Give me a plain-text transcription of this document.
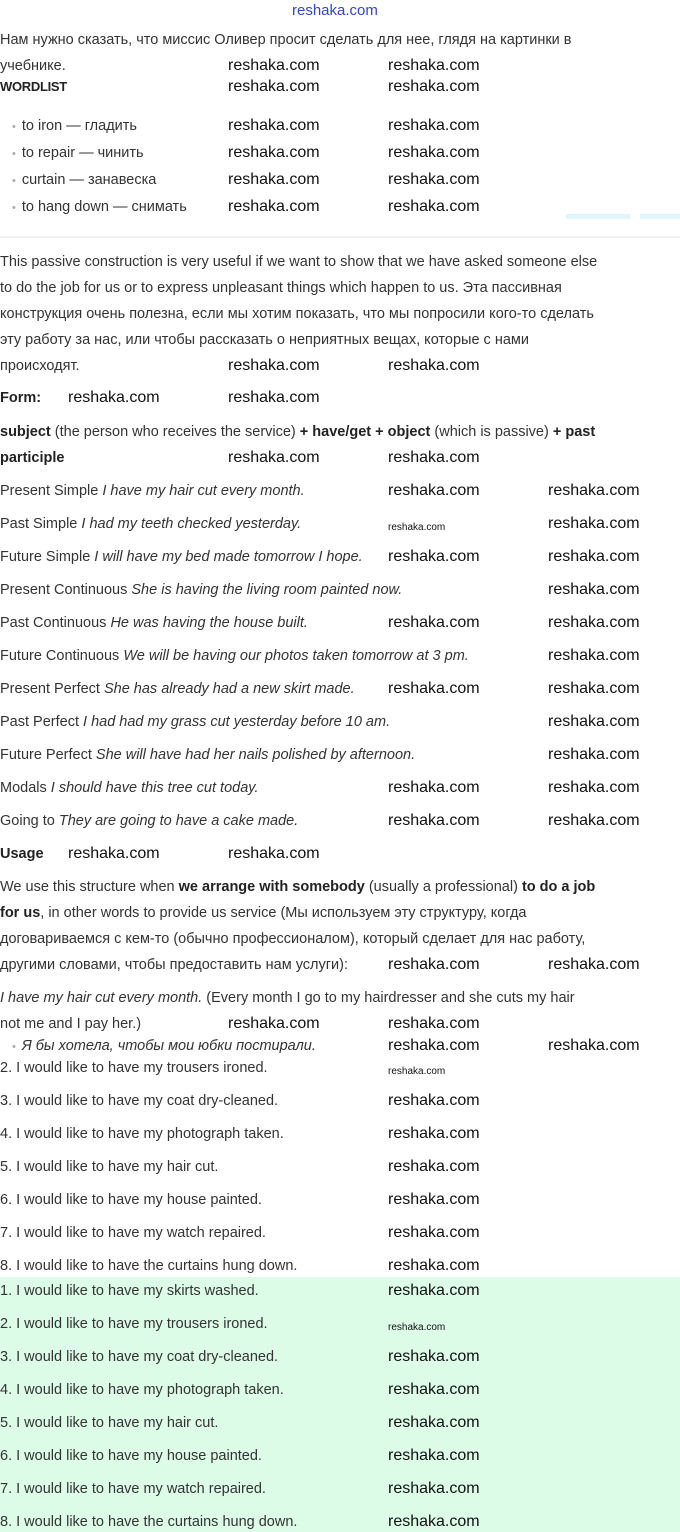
reshaka.com
Нам нужно сказать, что миссис Оливер просит сделать для нее, глядя на картинки в
учебнике.
WORDLIST
• to iron — гладить
• to repair — чинить
• curtain — занавеска
• to hang down — снимать
This passive construction is very useful if we want to show that we have asked someone else
to do the job for us or to express unpleasant things which happen to us. Эта пассивная
конструкция очень полезна, если мы хотим показать, что мы попросили кого-то сделать
эту работу за нас, или чтобы рассказать о неприятных вещах, которые с нами
происходят.
Form:
subject (the person who receives the service) + have/get + object (which is passive) + past
participle
Usage
We use this structure when we arrange with somebody (usually a professional) to do a job
for us, in other words to provide us service (Мы используем эту структуру, когда
договариваемся с кем-то (обычно профессионалом), который сделает для нас работу,
другими словами, чтобы предоставить нам услуги):
I have my hair cut every month. (Every month I go to my hairdresser and she cuts my hair
not me and I pay her.)
• Я бы хотела, чтобы мои юбки постирали.
Present Simple I have my hair cut every month.
Past Simple I had my teeth checked yesterday.
Future Simple I will have my bed made tomorrow I hope.
Present Continuous She is having the living room painted now.
Past Continuous He was having the house built.
Future Continuous We will be having our photos taken tomorrow at 3 pm.
Present Perfect She has already had a new skirt made.
Past Perfect I had had my grass cut yesterday before 10 am.
Future Perfect She will have had her nails polished by afternoon.
Modals I should have this tree cut today.
Going to They are going to have a cake made.
2. I would like to have my trousers ironed.
3. I would like to have my coat dry-cleaned.
4. I would like to have my photograph taken.
5. I would like to have my hair cut.
6. I would like to have my house painted.
7. I would like to have my watch repaired.
8. I would like to have the curtains hung down.
1. I would like to have my skirts washed.
2. I would like to have my trousers ironed.
3. I would like to have my coat dry-cleaned.
4. I would like to have my photograph taken.
5. I would like to have my hair cut.
6. I would like to have my house painted.
7. I would like to have my watch repaired.
8. I would like to have the curtains hung down.
reshaka.com	reshaka.com
reshaka.com	reshaka.com
reshaka.com	reshaka.com
reshaka.com	reshaka.com
reshaka.com	reshaka.com
reshaka.com	reshaka.com
reshaka.com	reshaka.com
reshaka.com	reshaka.com
reshaka.com	reshaka.com
reshaka.com	reshaka.com
reshaka.com	reshaka.com
reshaka.com	reshaka.com
reshaka.com
reshaka.com	reshaka.com
reshaka.com
reshaka.com	reshaka.com
reshaka.com
reshaka.com
reshaka.com	reshaka.com
reshaka.com	reshaka.com
reshaka.com	reshaka.com
reshaka.com	reshaka.com
reshaka.com	reshaka.com
reshaka.com	reshaka.com
reshaka.com
reshaka.com
reshaka.com
reshaka.com
reshaka.com
reshaka.com
reshaka.com
reshaka.com
reshaka.com
reshaka.com
reshaka.com
reshaka.com
reshaka.com
reshaka.com
reshaka.com
